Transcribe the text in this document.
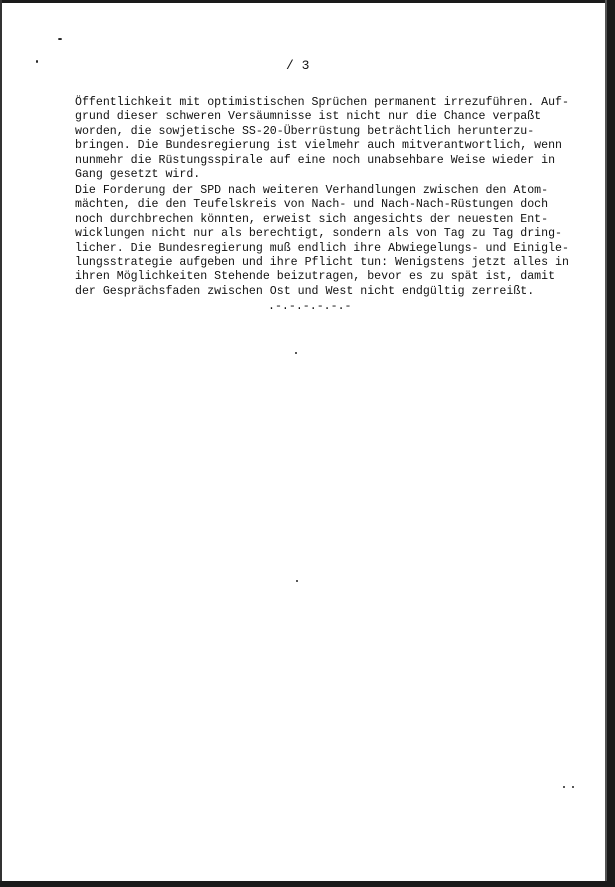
/ 3
Öffentlichkeit mit optimistischen Sprüchen permanent irrezuführen. Auf-
grund dieser schweren Versäumnisse ist nicht nur die Chance verpaßt
worden, die sowjetische SS-20-Überrüstung beträchtlich herunterzu-
bringen. Die Bundesregierung ist vielmehr auch mitverantwortlich, wenn
nunmehr die Rüstungsspirale auf eine noch unabsehbare Weise wieder in
Gang gesetzt wird.
Die Forderung der SPD nach weiteren Verhandlungen zwischen den Atom-
mächten, die den Teufelskreis von Nach- und Nach-Nach-Rüstungen doch
noch durchbrechen könnten, erweist sich angesichts der neuesten Ent-
wicklungen nicht nur als berechtigt, sondern als von Tag zu Tag dring-
licher. Die Bundesregierung muß endlich ihre Abwiegelungs- und Einigle-
lungsstrategie aufgeben und ihre Pflicht tun: Wenigstens jetzt alles in
ihren Möglichkeiten Stehende beizutragen, bevor es zu spät ist, damit
der Gesprächsfaden zwischen Ost und West nicht endgültig zerreißt.
.-.-.-.-.-.-
